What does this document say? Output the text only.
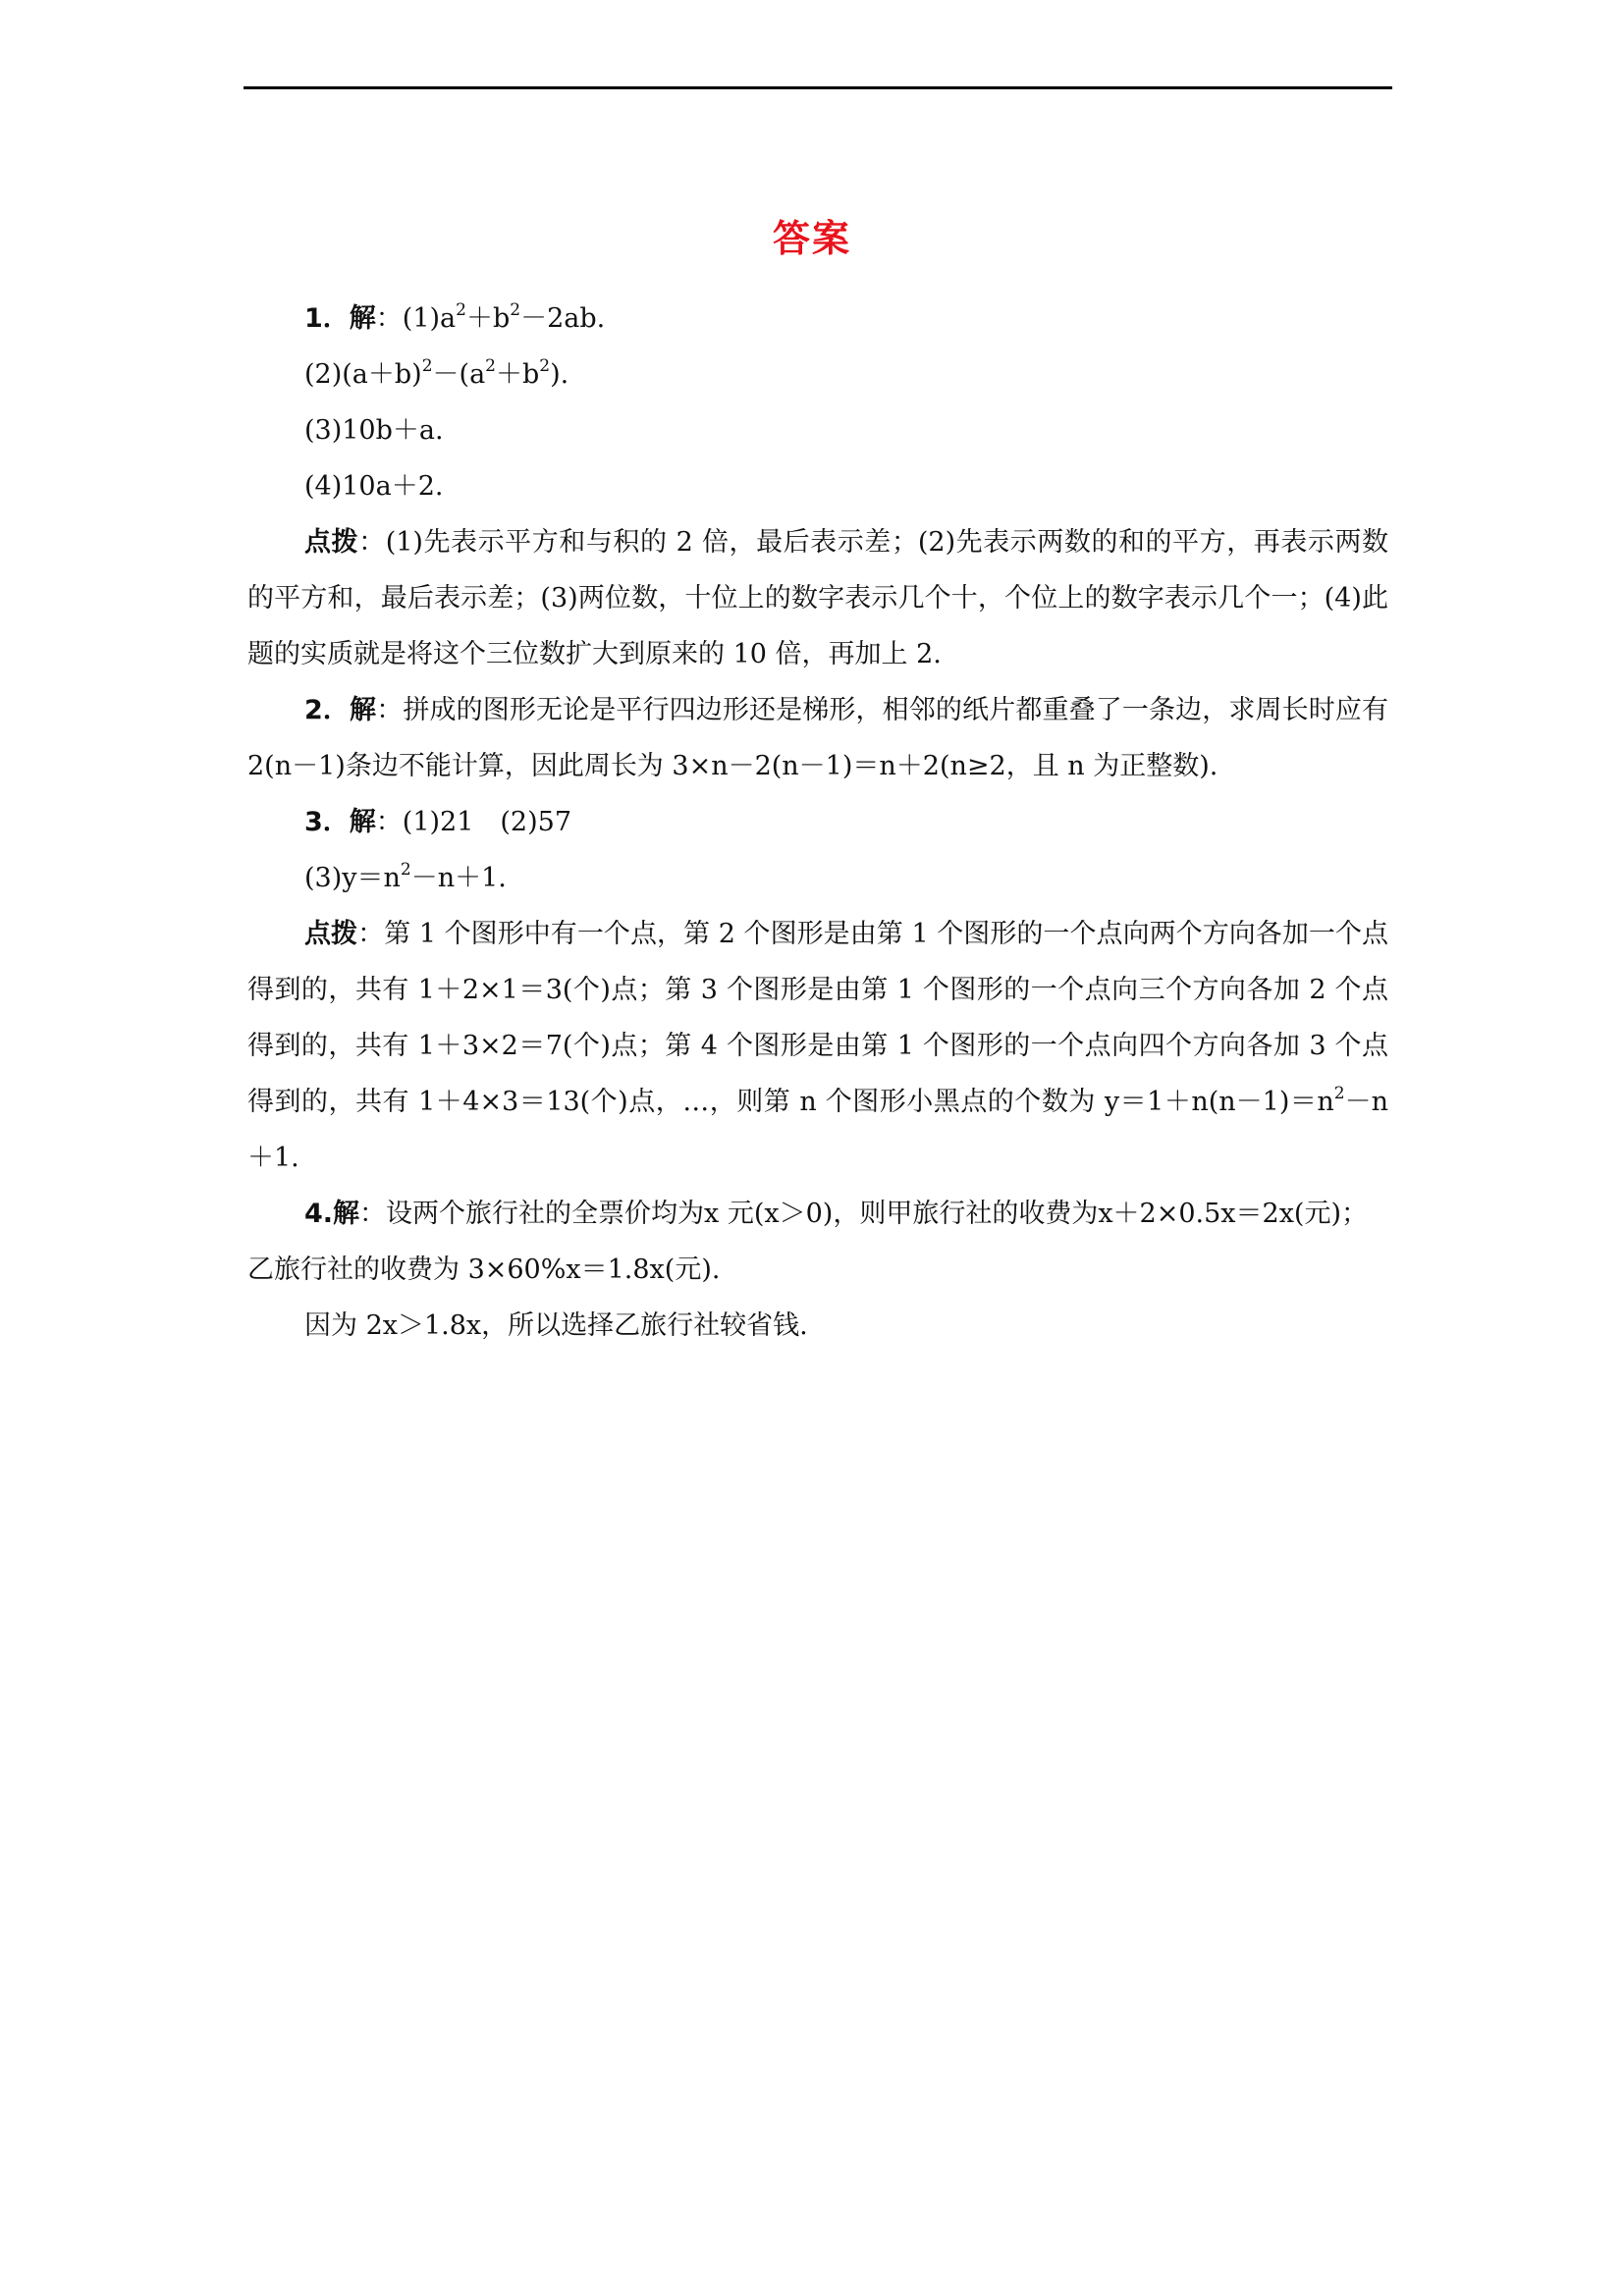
答案

1．解：$(1)a^2+b^2-2ab$.

$(2)(a+b)^2-(a^2+b^2)$.

(3)10b＋a.

(4)10a＋2.

点拨：(1)先表示平方和与积的 2 倍，最后表示差；(2)先表示两数的和的平方，再表示两数的平方和，最后表示差；(3)两位数，十位上的数字表示几个十，个位上的数字表示几个一；(4)此题的实质就是将这个三位数扩大到原来的 10 倍，再加上 2.

2．解：拼成的图形无论是平行四边形还是梯形，相邻的纸片都重叠了一条边，求周长时应有 2(n－1)条边不能计算，因此周长为 3×n－2(n－1)＝n＋2(n≥2，且 n 为正整数).

3．解：(1)21　(2)57

$(3)y=n^2-n+1$.

点拨：第 1 个图形中有一个点，第 2 个图形是由第 1 个图形的一个点向两个方向各加一个点得到的，共有 1＋2×1＝3(个)点；第 3 个图形是由第 1 个图形的一个点向三个方向各加 2 个点得到的，共有 1＋3×2＝7(个)点；第 4 个图形是由第 1 个图形的一个点向四个方向各加 3 个点得到的，共有 1＋4×3＝13(个)点，…，则第 n 个图形小黑点的个数为 $y=1+n(n-1)=n^2-n+1$.

4.解：设两个旅行社的全票价均为x 元(x＞0)，则甲旅行社的收费为x＋2×0.5x＝2x(元)；

乙旅行社的收费为 3×60%x＝1.8x(元).

因为 2x＞1.8x，所以选择乙旅行社较省钱.
